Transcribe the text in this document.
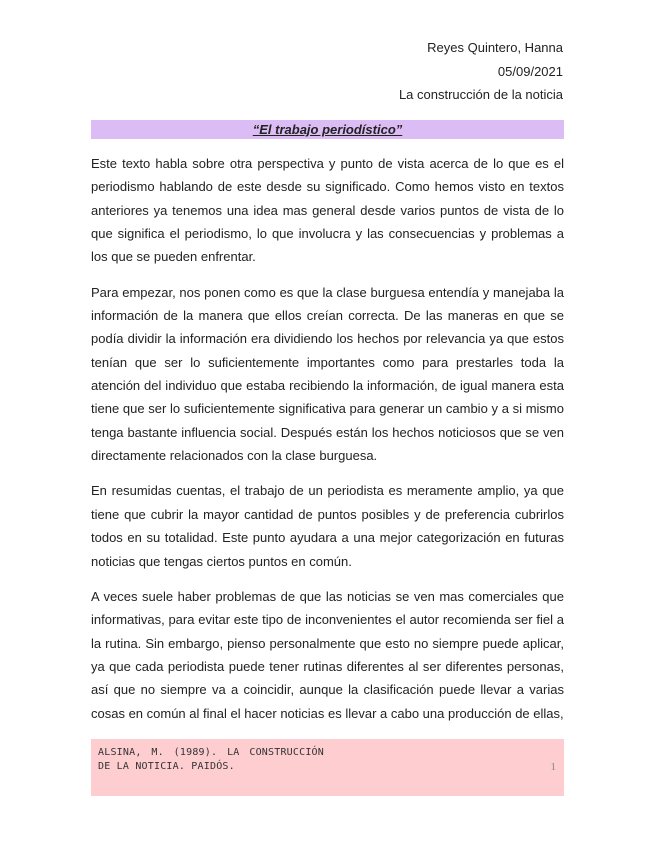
Reyes Quintero, Hanna
05/09/2021
La construcción de la noticia
“El trabajo periodístico”

Este texto habla sobre otra perspectiva y punto de vista acerca de lo que es el periodismo hablando de este desde su significado. Como hemos visto en textos anteriores ya tenemos una idea mas general desde varios puntos de vista de lo que significa el periodismo, lo que involucra y las consecuencias y problemas a los que se pueden enfrentar.

Para empezar, nos ponen como es que la clase burguesa entendía y manejaba la información de la manera que ellos creían correcta. De las maneras en que se podía dividir la información era dividiendo los hechos por relevancia ya que estos tenían que ser lo suficientemente importantes como para prestarles toda la atención del individuo que estaba recibiendo la información, de igual manera esta tiene que ser lo suficientemente significativa para generar un cambio y a si mismo tenga bastante influencia social. Después están los hechos noticiosos que se ven directamente relacionados con la clase burguesa.

En resumidas cuentas, el trabajo de un periodista es meramente amplio, ya que tiene que cubrir la mayor cantidad de puntos posibles y de preferencia cubrirlos todos en su totalidad. Este punto ayudara a una mejor categorización en futuras noticias que tengas ciertos puntos en común.

A veces suele haber problemas de que las noticias se ven mas comerciales que informativas, para evitar este tipo de inconvenientes el autor recomienda ser fiel a la rutina. Sin embargo, pienso personalmente que esto no siempre puede aplicar, ya que cada periodista puede tener rutinas diferentes al ser diferentes personas, así que no siempre va a coincidir, aunque la clasificación puede llevar a varias cosas en común al final el hacer noticias es llevar a cabo una producción de ellas,

ALSINA, M. (1989). LA CONSTRUCCIÓN DE LA NOTICIA. PAIDÓS.	1
